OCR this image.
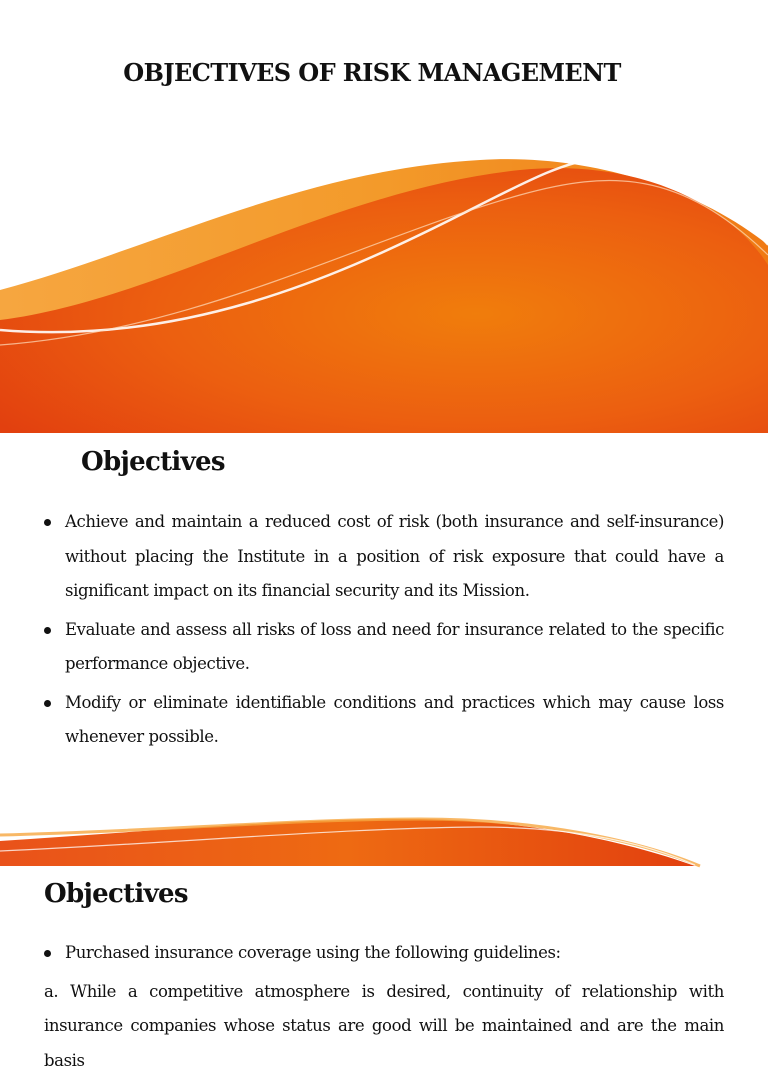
OBJECTIVES OF RISK MANAGEMENT
Objectives
Achieve and maintain a reduced cost of risk (both insurance and self-insurance) without placing the Institute in a position of risk exposure that could have a significant impact on its financial security and its Mission.
Evaluate and assess all risks of loss and need for insurance related to the specific performance objective.
Modify or eliminate identifiable conditions and practices which may cause loss whenever possible.
Objectives
Purchased insurance coverage using the following guidelines:

a. While a competitive atmosphere is desired, continuity of relationship with insurance companies whose status are good will be maintained and are the main basis
